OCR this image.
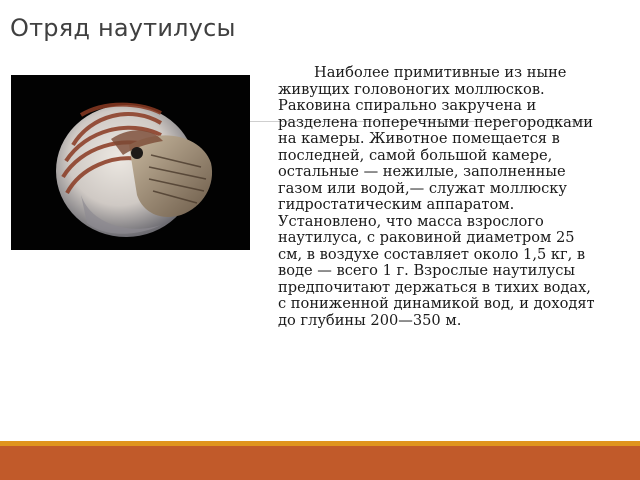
Отряд наутилусы

Наиболее примитивные из ныне живущих головоногих моллюсков. Раковина спирально закручена и разделена поперечными перегородками на камеры. Животное помещается в последней, самой большой камере, остальные — нежилые, заполненные газом или водой,— служат моллюску гидростатическим аппаратом. Установлено, что масса взрослого наутилуса, с раковиной диаметром 25 см, в воздухе составляет около 1,5 кг, в воде — всего 1 г. Взрослые наутилусы предпочитают держаться в тихих водах, с пониженной динамикой вод, и доходят до глубины 200—350 м.
